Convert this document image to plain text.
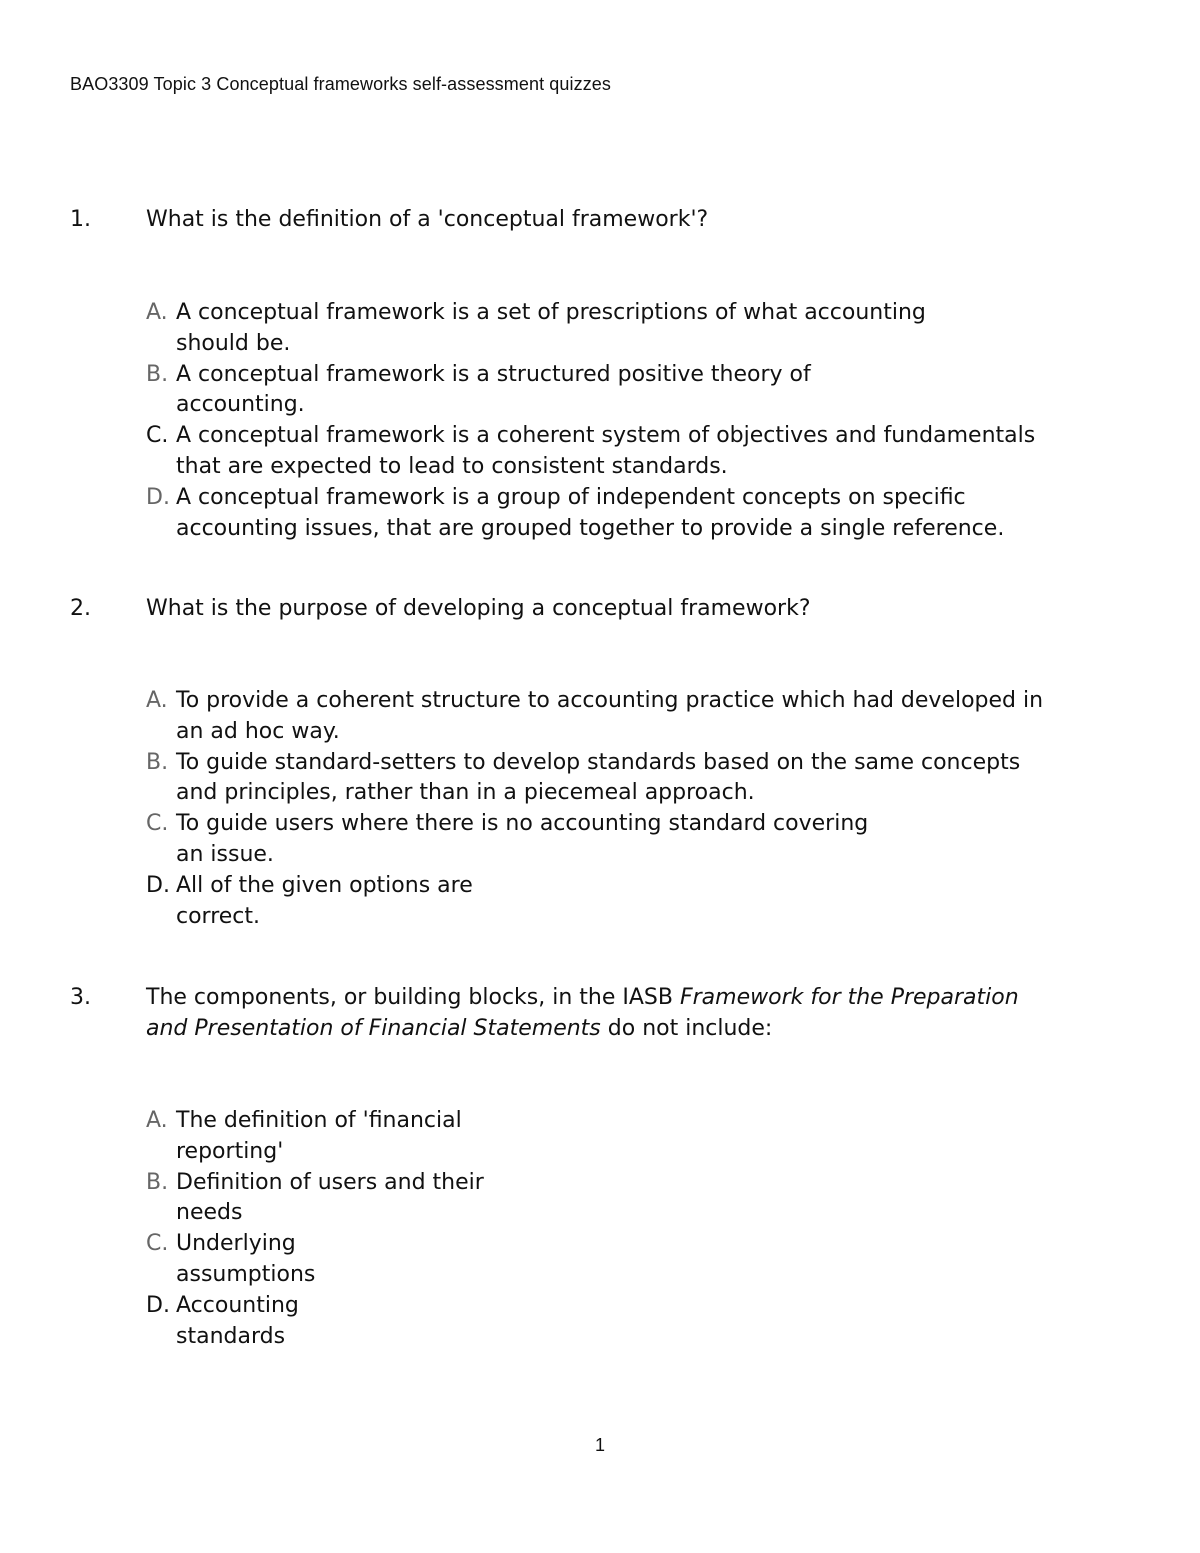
BAO3309 Topic 3 Conceptual frameworks self-assessment quizzes
1.	What is the definition of a 'conceptual framework'?
A. A conceptual framework is a set of prescriptions of what accounting
should be.
B. A conceptual framework is a structured positive theory of
accounting.
C. A conceptual framework is a coherent system of objectives and fundamentals
that are expected to lead to consistent standards.
D. A conceptual framework is a group of independent concepts on specific
accounting issues, that are grouped together to provide a single reference.
2.	What is the purpose of developing a conceptual framework?
A. To provide a coherent structure to accounting practice which had developed in
an ad hoc way.
B. To guide standard-setters to develop standards based on the same concepts
and principles, rather than in a piecemeal approach.
C. To guide users where there is no accounting standard covering
an issue.
D. All of the given options are
correct.
3.	The components, or building blocks, in the IASB Framework for the Preparation
and Presentation of Financial Statements do not include:
A. The definition of 'financial
reporting'
B. Definition of users and their
needs
C. Underlying
assumptions
D. Accounting
standards
1
